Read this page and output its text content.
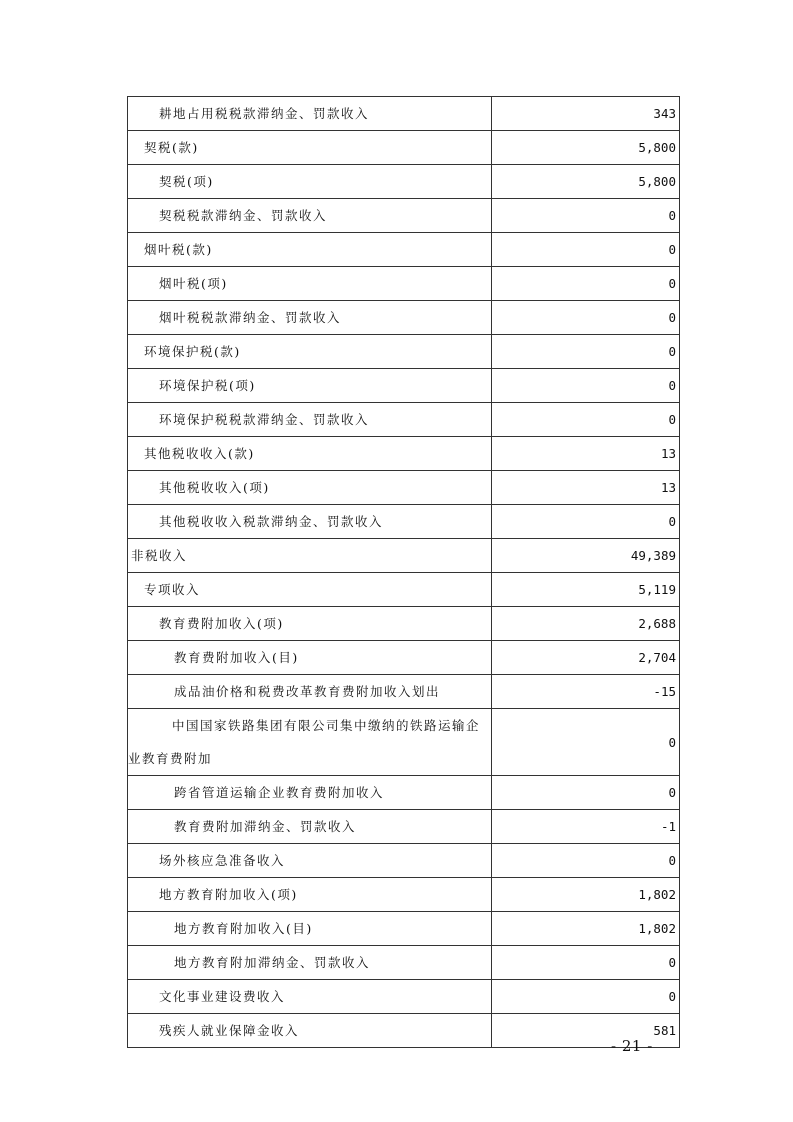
耕地占用税税款滞纳金、罚款收入	343
契税(款)	5,800
契税(项)	5,800
契税税款滞纳金、罚款收入	0
烟叶税(款)	0
烟叶税(项)	0
烟叶税税款滞纳金、罚款收入	0
环境保护税(款)	0
环境保护税(项)	0
环境保护税税款滞纳金、罚款收入	0
其他税收收入(款)	13
其他税收收入(项)	13
其他税收收入税款滞纳金、罚款收入	0
非税收入	49,389
专项收入	5,119
教育费附加收入(项)	2,688
教育费附加收入(目)	2,704
成品油价格和税费改革教育费附加收入划出	-15

中国国家铁路集团有限公司集中缴纳的铁路运输企
业教育费附加	0
跨省管道运输企业教育费附加收入	0
教育费附加滞纳金、罚款收入	-1
场外核应急准备收入	0
地方教育附加收入(项)	1,802
地方教育附加收入(目)	1,802
地方教育附加滞纳金、罚款收入	0
文化事业建设费收入	0
残疾人就业保障金收入	581
- 21 -
